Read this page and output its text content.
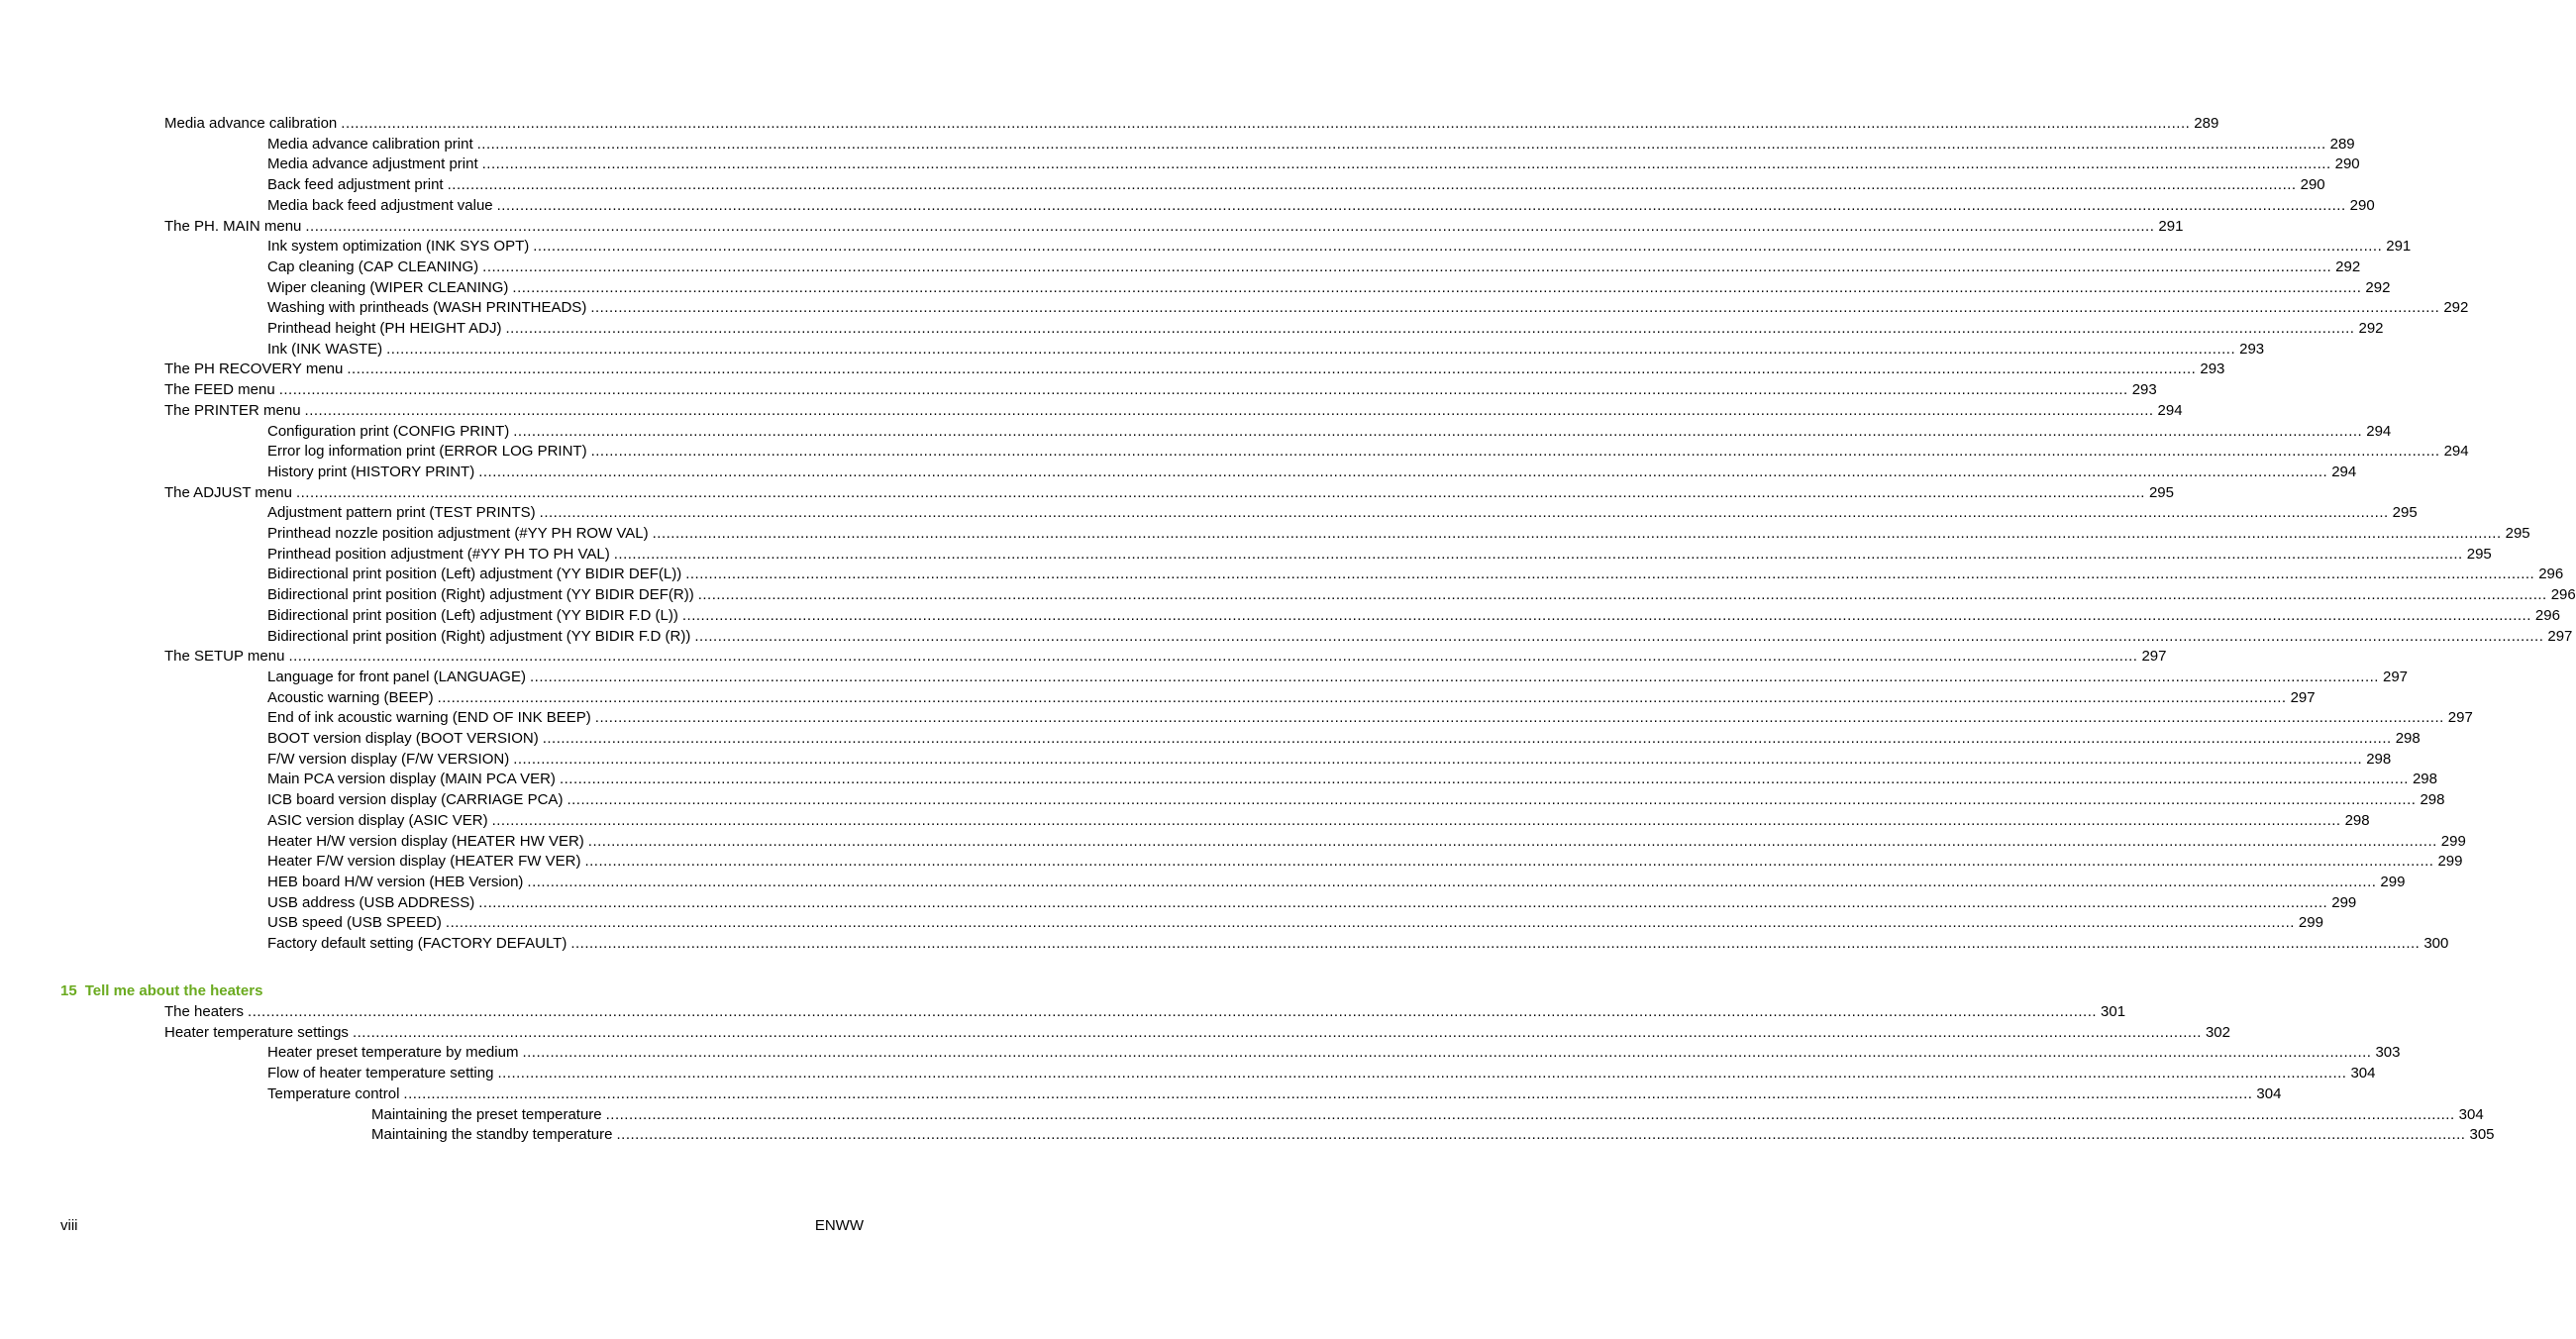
Media advance calibration ................................................................................................................................................................................................................................................................................................................................................................................................................ 289
Media advance calibration print ................................................................................................................................................................................................................................................................................................................................................................................................................ 289
Media advance adjustment print ................................................................................................................................................................................................................................................................................................................................................................................................................ 290
Back feed adjustment print ................................................................................................................................................................................................................................................................................................................................................................................................................ 290
Media back feed adjustment value ................................................................................................................................................................................................................................................................................................................................................................................................................ 290
The PH. MAIN menu ................................................................................................................................................................................................................................................................................................................................................................................................................ 291
Ink system optimization (INK SYS OPT) ................................................................................................................................................................................................................................................................................................................................................................................................................ 291
Cap cleaning (CAP CLEANING) ................................................................................................................................................................................................................................................................................................................................................................................................................ 292
Wiper cleaning (WIPER CLEANING) ................................................................................................................................................................................................................................................................................................................................................................................................................ 292
Washing with printheads (WASH PRINTHEADS) ................................................................................................................................................................................................................................................................................................................................................................................................................ 292
Printhead height (PH HEIGHT ADJ) ................................................................................................................................................................................................................................................................................................................................................................................................................ 292
Ink (INK WASTE) ................................................................................................................................................................................................................................................................................................................................................................................................................ 293
The PH RECOVERY menu ................................................................................................................................................................................................................................................................................................................................................................................................................ 293
The FEED menu ................................................................................................................................................................................................................................................................................................................................................................................................................ 293
The PRINTER menu ................................................................................................................................................................................................................................................................................................................................................................................................................ 294
Configuration print (CONFIG PRINT) ................................................................................................................................................................................................................................................................................................................................................................................................................ 294
Error log information print (ERROR LOG PRINT) ................................................................................................................................................................................................................................................................................................................................................................................................................ 294
History print (HISTORY PRINT) ................................................................................................................................................................................................................................................................................................................................................................................................................ 294
The ADJUST menu ................................................................................................................................................................................................................................................................................................................................................................................................................ 295
Adjustment pattern print (TEST PRINTS) ................................................................................................................................................................................................................................................................................................................................................................................................................ 295
Printhead nozzle position adjustment (#YY PH ROW VAL) ................................................................................................................................................................................................................................................................................................................................................................................................................ 295
Printhead position adjustment (#YY PH TO PH VAL) ................................................................................................................................................................................................................................................................................................................................................................................................................ 295
Bidirectional print position (Left) adjustment (YY BIDIR DEF(L)) ................................................................................................................................................................................................................................................................................................................................................................................................................ 296
Bidirectional print position (Right) adjustment (YY BIDIR DEF(R)) ................................................................................................................................................................................................................................................................................................................................................................................................................ 296
Bidirectional print position (Left) adjustment (YY BIDIR F.D (L)) ................................................................................................................................................................................................................................................................................................................................................................................................................ 296
Bidirectional print position (Right) adjustment (YY BIDIR F.D (R)) ................................................................................................................................................................................................................................................................................................................................................................................................................ 297
The SETUP menu ................................................................................................................................................................................................................................................................................................................................................................................................................ 297
Language for front panel (LANGUAGE) ................................................................................................................................................................................................................................................................................................................................................................................................................ 297
Acoustic warning (BEEP) ................................................................................................................................................................................................................................................................................................................................................................................................................ 297
End of ink acoustic warning (END OF INK BEEP) ................................................................................................................................................................................................................................................................................................................................................................................................................ 297
BOOT version display (BOOT VERSION) ................................................................................................................................................................................................................................................................................................................................................................................................................ 298
F/W version display (F/W VERSION) ................................................................................................................................................................................................................................................................................................................................................................................................................ 298
Main PCA version display (MAIN PCA VER) ................................................................................................................................................................................................................................................................................................................................................................................................................ 298
ICB board version display (CARRIAGE PCA) ................................................................................................................................................................................................................................................................................................................................................................................................................ 298
ASIC version display (ASIC VER) ................................................................................................................................................................................................................................................................................................................................................................................................................ 298
Heater H/W version display (HEATER HW VER) ................................................................................................................................................................................................................................................................................................................................................................................................................ 299
Heater F/W version display (HEATER FW VER) ................................................................................................................................................................................................................................................................................................................................................................................................................ 299
HEB board H/W version (HEB Version) ................................................................................................................................................................................................................................................................................................................................................................................................................ 299
USB address (USB ADDRESS) ................................................................................................................................................................................................................................................................................................................................................................................................................ 299
USB speed (USB SPEED) ................................................................................................................................................................................................................................................................................................................................................................................................................ 299
Factory default setting (FACTORY DEFAULT) ................................................................................................................................................................................................................................................................................................................................................................................................................ 300
15 Tell me about the heaters
The heaters ................................................................................................................................................................................................................................................................................................................................................................................................................ 301
Heater temperature settings ................................................................................................................................................................................................................................................................................................................................................................................................................ 302
Heater preset temperature by medium ................................................................................................................................................................................................................................................................................................................................................................................................................ 303
Flow of heater temperature setting ................................................................................................................................................................................................................................................................................................................................................................................................................ 304
Temperature control ................................................................................................................................................................................................................................................................................................................................................................................................................ 304
Maintaining the preset temperature ................................................................................................................................................................................................................................................................................................................................................................................................................ 304
Maintaining the standby temperature ................................................................................................................................................................................................................................................................................................................................................................................................................ 305
viii	ENWW
